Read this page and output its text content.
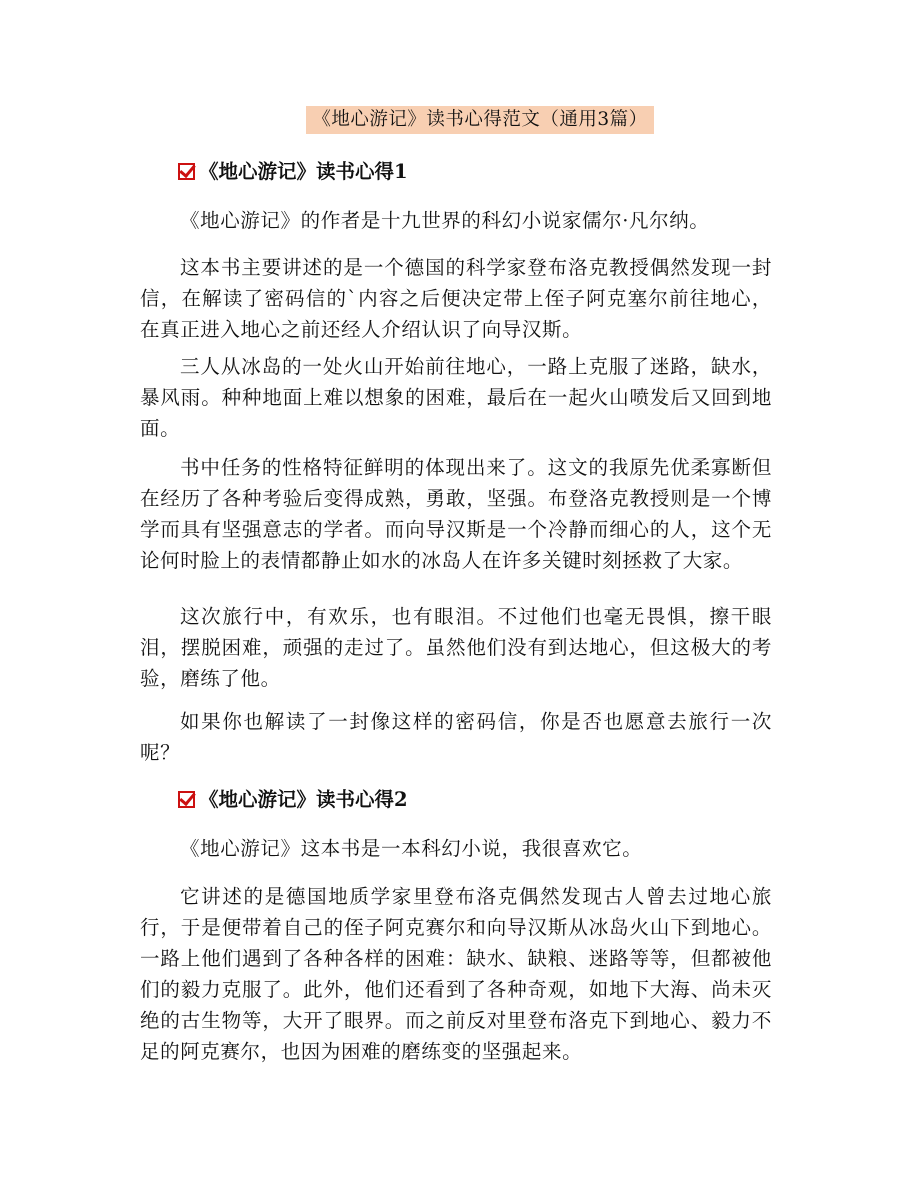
《地心游记》读书心得范文（通用3篇）
《地心游记》读书心得1

《地心游记》的作者是十九世界的科幻小说家儒尔·凡尔纳。

这本书主要讲述的是一个德国的科学家登布洛克教授偶然发现一封信，在解读了密码信的`内容之后便决定带上侄子阿克塞尔前往地心，在真正进入地心之前还经人介绍认识了向导汉斯。

三人从冰岛的一处火山开始前往地心，一路上克服了迷路，缺水，暴风雨。种种地面上难以想象的困难，最后在一起火山喷发后又回到地面。

书中任务的性格特征鲜明的体现出来了。这文的我原先优柔寡断但在经历了各种考验后变得成熟，勇敢，坚强。布登洛克教授则是一个博学而具有坚强意志的学者。而向导汉斯是一个冷静而细心的人，这个无论何时脸上的表情都静止如水的冰岛人在许多关键时刻拯救了大家。

这次旅行中，有欢乐，也有眼泪。不过他们也毫无畏惧，擦干眼泪，摆脱困难，顽强的走过了。虽然他们没有到达地心，但这极大的考验，磨练了他。

如果你也解读了一封像这样的密码信，你是否也愿意去旅行一次呢？

《地心游记》读书心得2

《地心游记》这本书是一本科幻小说，我很喜欢它。

它讲述的是德国地质学家里登布洛克偶然发现古人曾去过地心旅行，于是便带着自己的侄子阿克赛尔和向导汉斯从冰岛火山下到地心。一路上他们遇到了各种各样的困难：缺水、缺粮、迷路等等，但都被他们的毅力克服了。此外，他们还看到了各种奇观，如地下大海、尚未灭绝的古生物等，大开了眼界。而之前反对里登布洛克下到地心、毅力不足的阿克赛尔，也因为困难的磨练变的坚强起来。
